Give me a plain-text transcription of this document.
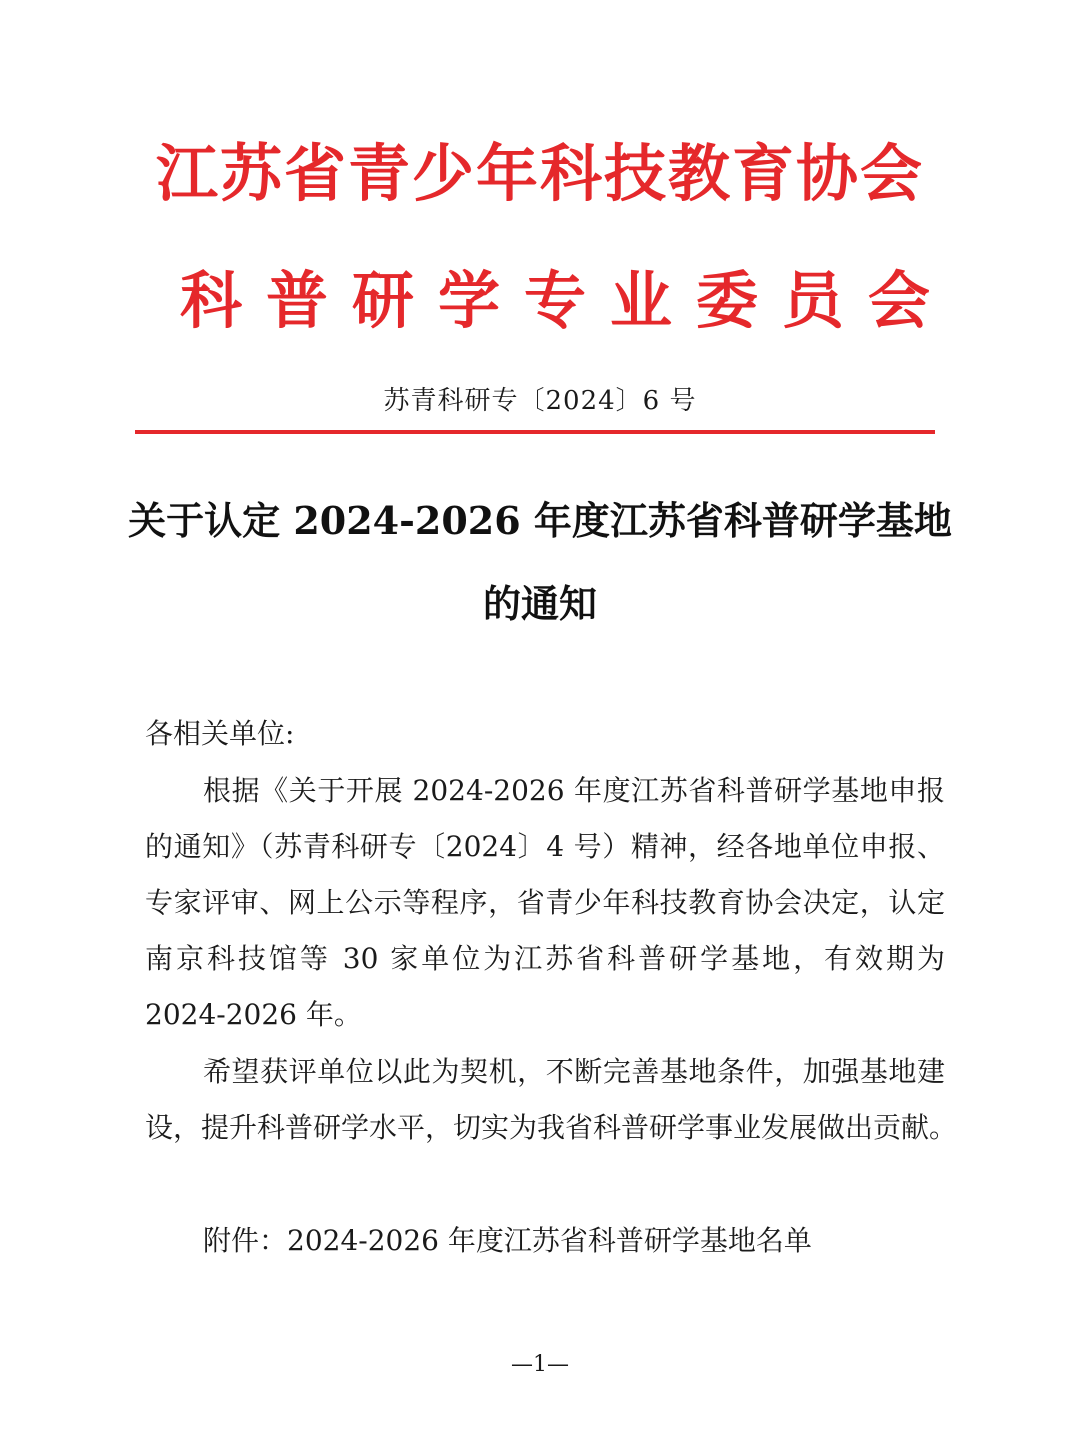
江苏省青少年科技教育协会
科 普 研 学 专 业 委 员 会
苏青科研专〔2024〕6 号
关于认定 2024-2026 年度江苏省科普研学基地
的通知
各相关单位:
根据《关于开展 2024-2026 年度江苏省科普研学基地申报
的通知》（苏青科研专〔2024〕4 号）精神，经各地单位申报、
专家评审、网上公示等程序，省青少年科技教育协会决定，认定
南京科技馆等 30 家单位为江苏省科普研学基地，有效期为
2024-2026 年。
希望获评单位以此为契机，不断完善基地条件，加强基地建
设，提升科普研学水平，切实为我省科普研学事业发展做出贡献。
附件：2024-2026 年度江苏省科普研学基地名单
—1—
